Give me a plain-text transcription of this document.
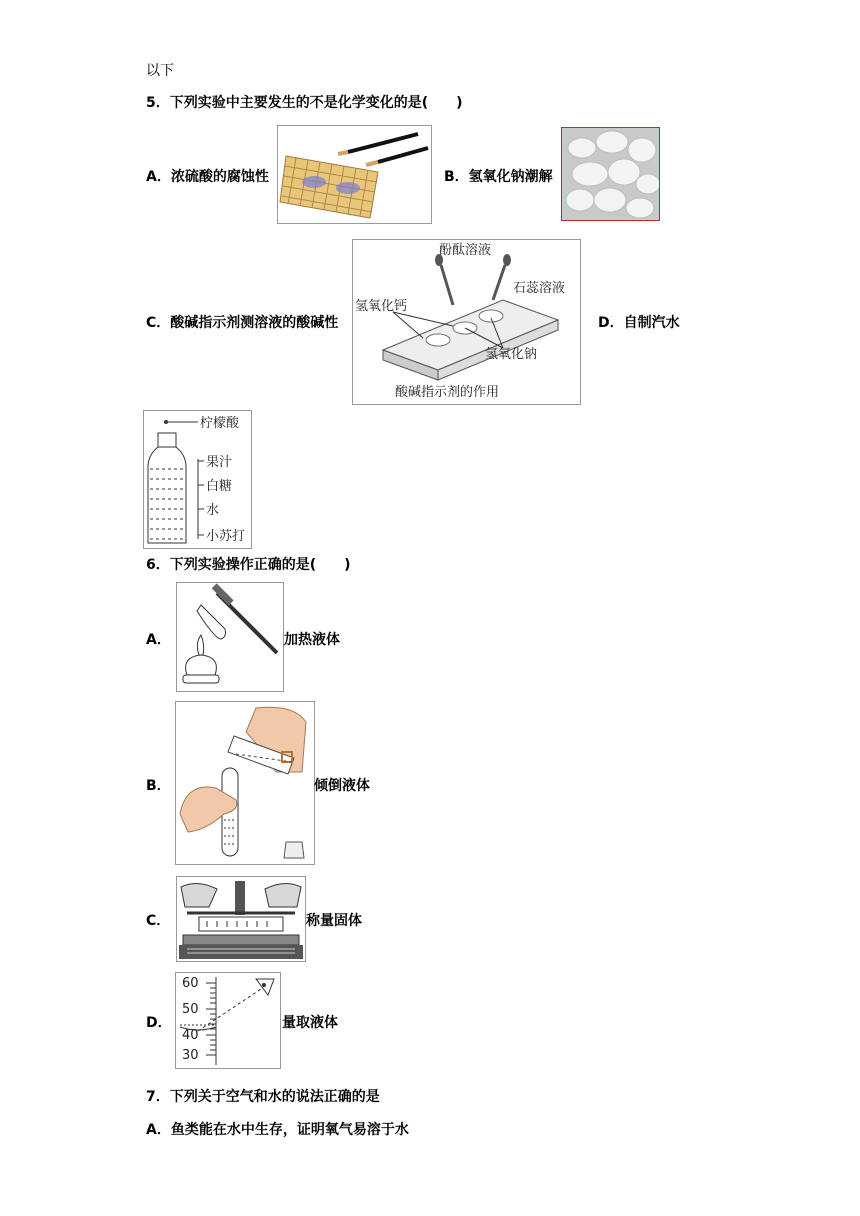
以下
5．下列实验中主要发生的不是化学变化的是(　　)
A．浓硫酸的腐蚀性	B．氢氧化钠潮解
C．酸碱指示剂测溶液的酸碱性
酚酞溶液
石蕊溶液
氢氧化钙
氢氧化钠
酸碱指示剂的作用
D．自制汽水
柠檬酸
果汁
白糖
水
小苏打
6．下列实验操作正确的是(　　)
A．	加热液体
B．	倾倒液体
C．	称量固体
D．
60
50
40
30
量取液体
7．下列关于空气和水的说法正确的是
A．鱼类能在水中生存，证明氧气易溶于水
